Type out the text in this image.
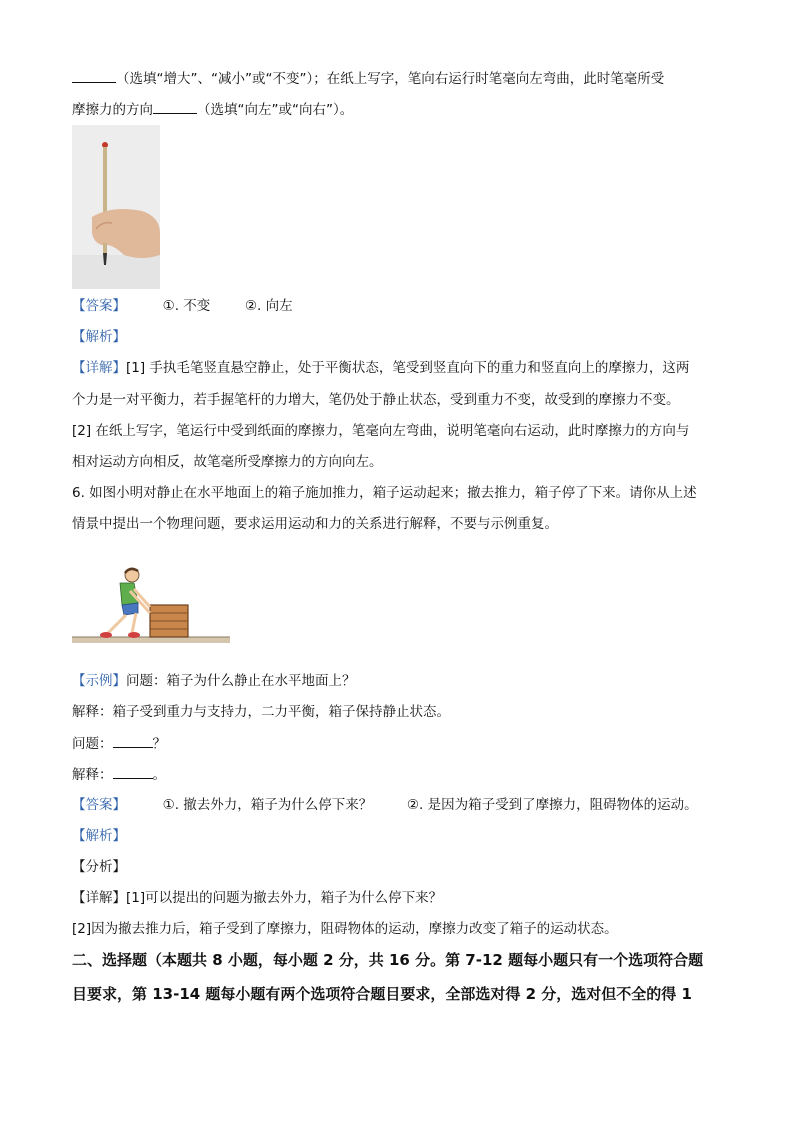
（选填“增大”、“减小”或“不变”）；在纸上写字，笔向右运行时笔毫向左弯曲，此时笔毫所受
摩擦力的方向	（选填“向左”或“向右”）。
【答案】	①. 不变	②. 向左
【解析】
【详解】[1] 手执毛笔竖直悬空静止，处于平衡状态，笔受到竖直向下的重力和竖直向上的摩擦力，这两
个力是一对平衡力，若手握笔杆的力增大，笔仍处于静止状态，受到重力不变，故受到的摩擦力不变。
[2] 在纸上写字，笔运行中受到纸面的摩擦力，笔毫向左弯曲，说明笔毫向右运动，此时摩擦力的方向与
相对运动方向相反，故笔毫所受摩擦力的方向向左。
6. 如图小明对静止在水平地面上的箱子施加推力，箱子运动起来；撤去推力，箱子停了下来。请你从上述
情景中提出一个物理问题，要求运用运动和力的关系进行解释，不要与示例重复。
【示例】问题：箱子为什么静止在水平地面上？
解释：箱子受到重力与支持力，二力平衡，箱子保持静止状态。
问题：	？
解释：	。
【答案】	①. 撤去外力，箱子为什么停下来？	②. 是因为箱子受到了摩擦力，阻碍物体的运动。
【解析】
【分析】
【详解】[1]可以提出的问题为撤去外力，箱子为什么停下来？
[2]因为撤去推力后，箱子受到了摩擦力，阻碍物体的运动，摩擦力改变了箱子的运动状态。
二、选择题（本题共 8 小题，每小题 2 分，共 16 分。第 7-12 题每小题只有一个选项符合题
目要求，第 13-14 题每小题有两个选项符合题目要求，全部选对得 2 分，选对但不全的得 1
